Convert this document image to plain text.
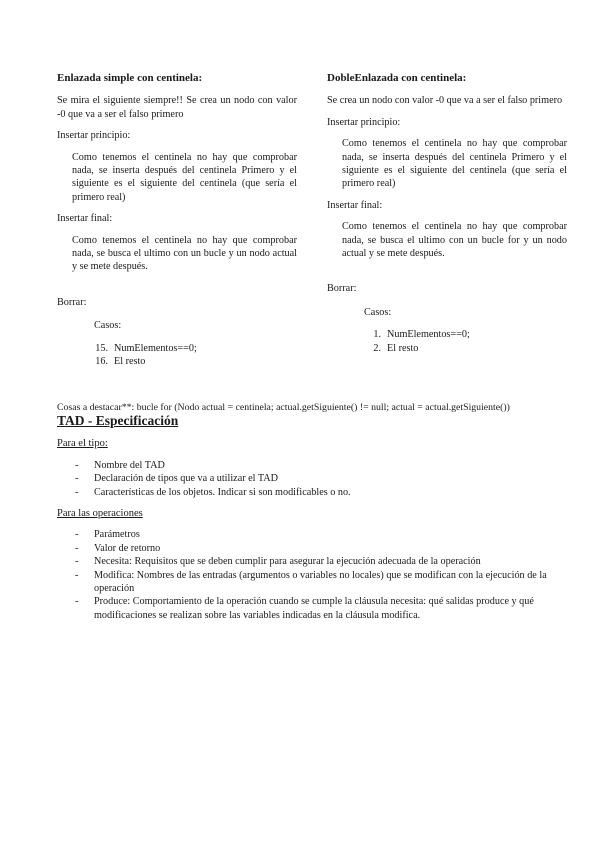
Enlazada simple con centinela:

Se mira el siguiente siempre!! Se crea un nodo con valor -0 que va a ser el falso primero

Insertar principio:

Como tenemos el centinela no hay que comprobar nada, se inserta después del centinela Primero y el siguiente es el siguiente del centinela (que sería el primero real)

Insertar final:

Como tenemos el centinela no hay que comprobar nada, se busca el ultimo con un bucle y un nodo actual y se mete después.

Borrar:

Casos:

15. NumElementos==0;
16. El resto

DobleEnlazada con centinela:

Se crea un nodo con valor -0 que va a ser el falso primero

Insertar principio:

Como tenemos el centinela no hay que comprobar nada, se inserta después del centinela Primero y el siguiente es el siguiente del centinela (que sería el primero real)

Insertar final:

Como tenemos el centinela no hay que comprobar nada, se busca el ultimo con un bucle for y un nodo actual y se mete después.

Borrar:

Casos:

1. NumElementos==0;
2. El resto

Cosas a destacar**: bucle for (Nodo actual = centinela; actual.getSiguiente() != null; actual = actual.getSiguiente())

TAD - Especificación

Para el tipo:

- Nombre del TAD
- Declaración de tipos que va a utilizar el TAD
- Características de los objetos. Indicar si son modificables o no.

Para las operaciones

- Parámetros
- Valor de retorno
- Necesita: Requisitos que se deben cumplir para asegurar la ejecución adecuada de la operación
- Modifica: Nombres de las entradas (argumentos o variables no locales) que se modifican con la ejecución de la operación
- Produce: Comportamiento de la operación cuando se cumple la cláusula necesita: qué salidas produce y qué modificaciones se realizan sobre las variables indicadas en la cláusula modifica.
